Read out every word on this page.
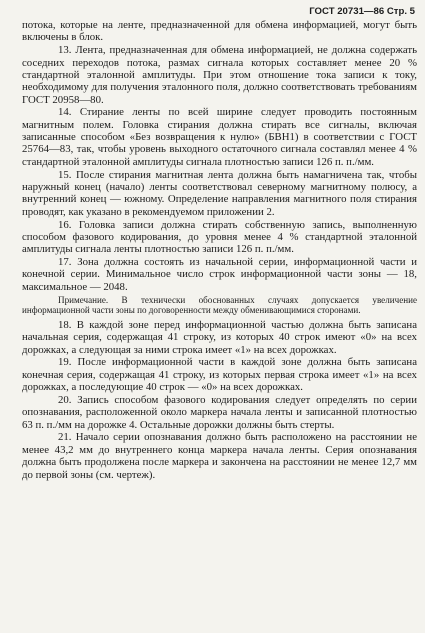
ГОСТ 20731—86 Стр. 5

потока, которые на ленте, предназначенной для обмена информацией, могут быть включены в блок.

13. Лента, предназначенная для обмена информацией, не должна содержать соседних переходов потока, размах сигнала которых составляет менее 20 % стандартной эталонной амплитуды. При этом отношение тока записи к току, необходимому для получения эталонного поля, должно соответствовать требованиям ГОСТ 20958—80.

14. Стирание ленты по всей ширине следует проводить постоянным магнитным полем. Головка стирания должна стирать все сигналы, включая записанные способом «Без возвращения к нулю» (БВН1) в соответствии с ГОСТ 25764—83, так, чтобы уровень выходного остаточного сигнала составлял менее 4 % стандартной эталонной амплитуды сигнала плотностью записи 126 п. п./мм.

15. После стирания магнитная лента должна быть намагничена так, чтобы наружный конец (начало) ленты соответствовал северному магнитному полюсу, а внутренний конец — южному. Определение направления магнитного поля стирания проводят, как указано в рекомендуемом приложении 2.

16. Головка записи должна стирать собственную запись, выполненную способом фазового кодирования, до уровня менее 4 % стандартной эталонной амплитуды сигнала ленты плотностью записи 126 п. п./мм.

17. Зона должна состоять из начальной серии, информационной части и конечной серии. Минимальное число строк информационной части зоны — 18, максимальное — 2048.

Примечание. В технически обоснованных случаях допускается увеличение информационной части зоны по договоренности между обменивающимися сторонами.

18. В каждой зоне перед информационной частью должна быть записана начальная серия, содержащая 41 строку, из которых 40 строк имеют «0» на всех дорожках, а следующая за ними строка имеет «1» на всех дорожках.

19. После информационной части в каждой зоне должна быть записана конечная серия, содержащая 41 строку, из которых первая строка имеет «1» на всех дорожках, а последующие 40 строк — «0» на всех дорожках.

20. Запись способом фазового кодирования следует определять по серии опознавания, расположенной около маркера начала ленты и записанной плотностью 63 п. п./мм на дорожке 4. Остальные дорожки должны быть стерты.

21. Начало серии опознавания должно быть расположено на расстоянии не менее 43,2 мм до внутреннего конца маркера начала ленты. Серия опознавания должна быть продолжена после маркера и закончена на расстоянии не менее 12,7 мм до первой зоны (см. чертеж).
